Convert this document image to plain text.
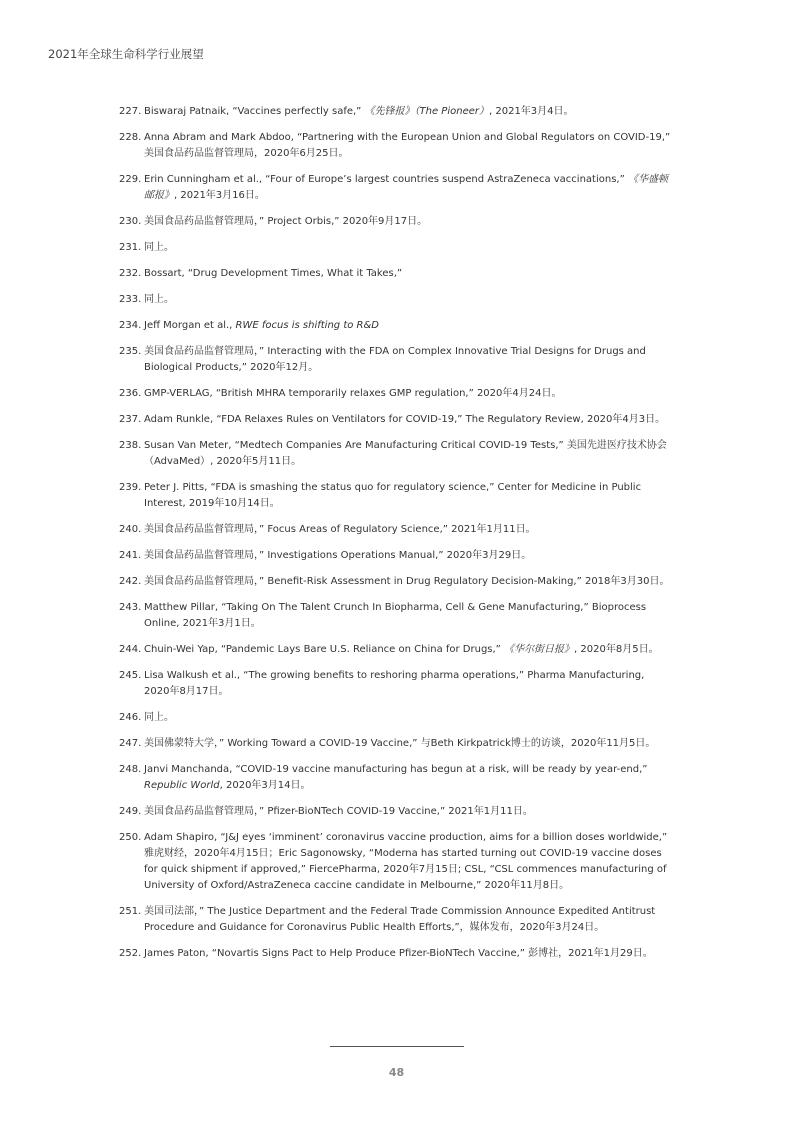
2021年全球生命科学行业展望
227. Biswaraj Patnaik, “Vaccines perfectly safe,” 《先锋报》（The Pioneer）, 2021年3月4日。
228. Anna Abram and Mark Abdoo, “Partnering with the European Union and Global Regulators on COVID-19,” 美国食品药品监督管理局，2020年6月25日。
229. Erin Cunningham et al., “Four of Europe’s largest countries suspend AstraZeneca vaccinations,” 《华盛顿邮报》, 2021年3月16日。
230. 美国食品药品监督管理局，” Project Orbis,” 2020年9月17日。
231. 同上。
232. Bossart, “Drug Development Times, What it Takes,”
233. 同上。
234. Jeff Morgan et al., RWE focus is shifting to R&D
235. 美国食品药品监督管理局，” Interacting with the FDA on Complex Innovative Trial Designs for Drugs and Biological Products,” 2020年12月。
236. GMP-VERLAG, “British MHRA temporarily relaxes GMP regulation,” 2020年4月24日。
237. Adam Runkle, “FDA Relaxes Rules on Ventilators for COVID-19,” The Regulatory Review, 2020年4月3日。
238. Susan Van Meter, “Medtech Companies Are Manufacturing Critical COVID-19 Tests,” 美国先进医疗技术协会（AdvaMed）, 2020年5月11日。
239. Peter J. Pitts, “FDA is smashing the status quo for regulatory science,” Center for Medicine in Public Interest, 2019年10月14日。
240. 美国食品药品监督管理局，” Focus Areas of Regulatory Science,” 2021年1月11日。
241. 美国食品药品监督管理局，” Investigations Operations Manual,” 2020年3月29日。
242. 美国食品药品监督管理局，” Benefit-Risk Assessment in Drug Regulatory Decision-Making,” 2018年3月30日。
243. Matthew Pillar, “Taking On The Talent Crunch In Biopharma, Cell & Gene Manufacturing,” Bioprocess Online, 2021年3月1日。
244. Chuin-Wei Yap, “Pandemic Lays Bare U.S. Reliance on China for Drugs,” 《华尔街日报》, 2020年8月5日。
245. Lisa Walkush et al., “The growing benefits to reshoring pharma operations,” Pharma Manufacturing, 2020年8月17日。
246. 同上。
247. 美国佛蒙特大学，” Working Toward a COVID-19 Vaccine,” 与Beth Kirkpatrick博士的访谈，2020年11月5日。
248. Janvi Manchanda, “COVID-19 vaccine manufacturing has begun at a risk, will be ready by year-end,” Republic World, 2020年3月14日。
249. 美国食品药品监督管理局，” Pfizer-BioNTech COVID-19 Vaccine,” 2021年1月11日。
250. Adam Shapiro, “J&J eyes ‘imminent’ coronavirus vaccine production, aims for a billion doses worldwide,” 雅虎财经，2020年4月15日；Eric Sagonowsky, “Moderna has started turning out COVID-19 vaccine doses for quick shipment if approved,” FiercePharma, 2020年7月15日; CSL, “CSL commences manufacturing of University of Oxford/AstraZeneca caccine candidate in Melbourne,” 2020年11月8日。
251. 美国司法部，” The Justice Department and the Federal Trade Commission Announce Expedited Antitrust Procedure and Guidance for Coronavirus Public Health Efforts,”，媒体发布，2020年3月24日。
252. James Paton, “Novartis Signs Pact to Help Produce Pfizer-BioNTech Vaccine,” 彭博社，2021年1月29日。
48
